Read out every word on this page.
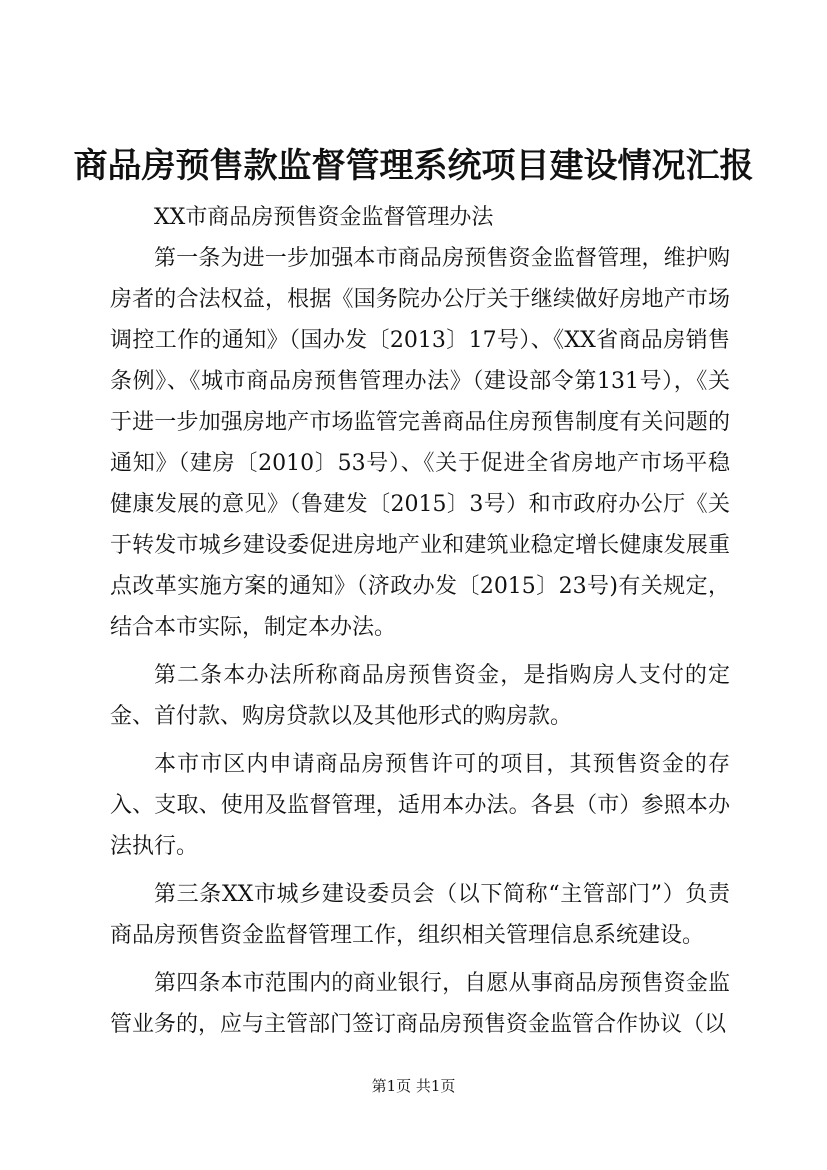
商品房预售款监督管理系统项目建设情况汇报

XX市商品房预售资金监督管理办法

第一条为进一步加强本市商品房预售资金监督管理，维护购房者的合法权益，根据《国务院办公厅关于继续做好房地产市场调控工作的通知》（国办发〔2013〕17号）、《XX省商品房销售条例》、《城市商品房预售管理办法》（建设部令第131号），《关于进一步加强房地产市场监管完善商品住房预售制度有关问题的通知》（建房〔2010〕53号）、《关于促进全省房地产市场平稳健康发展的意见》（鲁建发〔2015〕3号）和市政府办公厅《关于转发市城乡建设委促进房地产业和建筑业稳定增长健康发展重点改革实施方案的通知》（济政办发〔2015〕23号)有关规定，结合本市实际，制定本办法。

第二条本办法所称商品房预售资金，是指购房人支付的定金、首付款、购房贷款以及其他形式的购房款。

本市市区内申请商品房预售许可的项目，其预售资金的存入、支取、使用及监督管理，适用本办法。各县（市）参照本办法执行。

第三条XX市城乡建设委员会（以下简称“主管部门”）负责商品房预售资金监督管理工作，组织相关管理信息系统建设。

第四条本市范围内的商业银行，自愿从事商品房预售资金监管业务的，应与主管部门签订商品房预售资金监管合作协议（以

第1页 共1页
